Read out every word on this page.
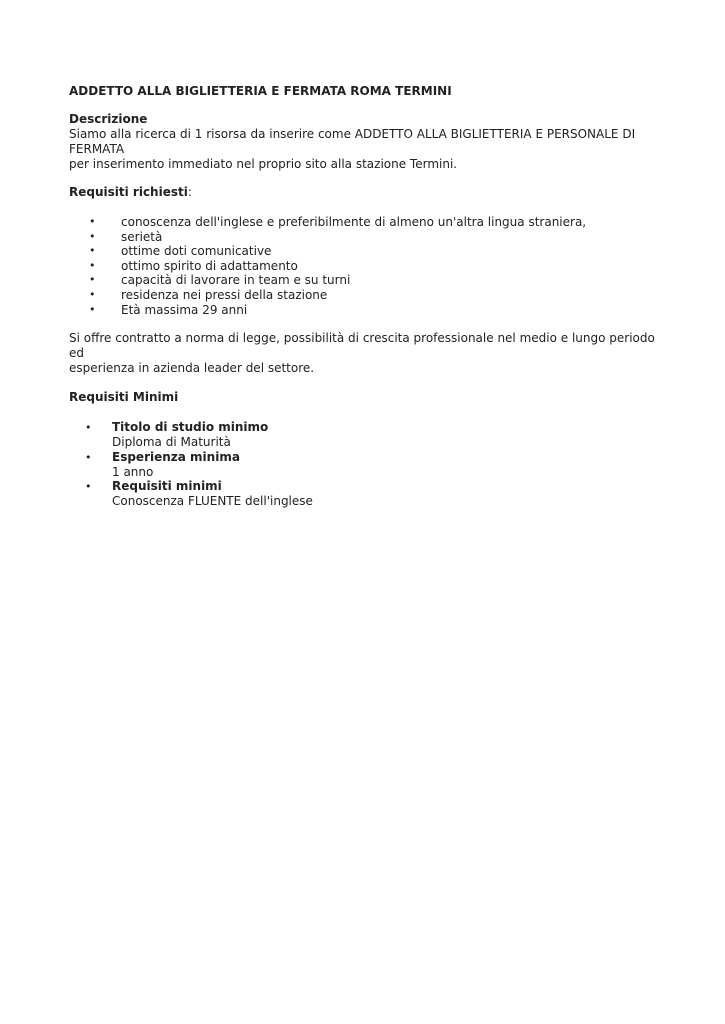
ADDETTO ALLA BIGLIETTERIA E FERMATA ROMA TERMINI

Descrizione

Siamo alla ricerca di 1 risorsa da inserire come ADDETTO ALLA BIGLIETTERIA E PERSONALE DI FERMATA

per inserimento immediato nel proprio sito alla stazione Termini.

Requisiti richiesti:

• conoscenza dell'inglese e preferibilmente di almeno un'altra lingua straniera,
• serietà
• ottime doti comunicative
• ottimo spirito di adattamento
• capacità di lavorare in team e su turni
• residenza nei pressi della stazione
• Età massima 29 anni

Si offre contratto a norma di legge, possibilità di crescita professionale nel medio e lungo periodo ed

esperienza in azienda leader del settore.

Requisiti Minimi

• Titolo di studio minimo
Diploma di Maturità
• Esperienza minima
1 anno
• Requisiti minimi
Conoscenza FLUENTE dell'inglese
